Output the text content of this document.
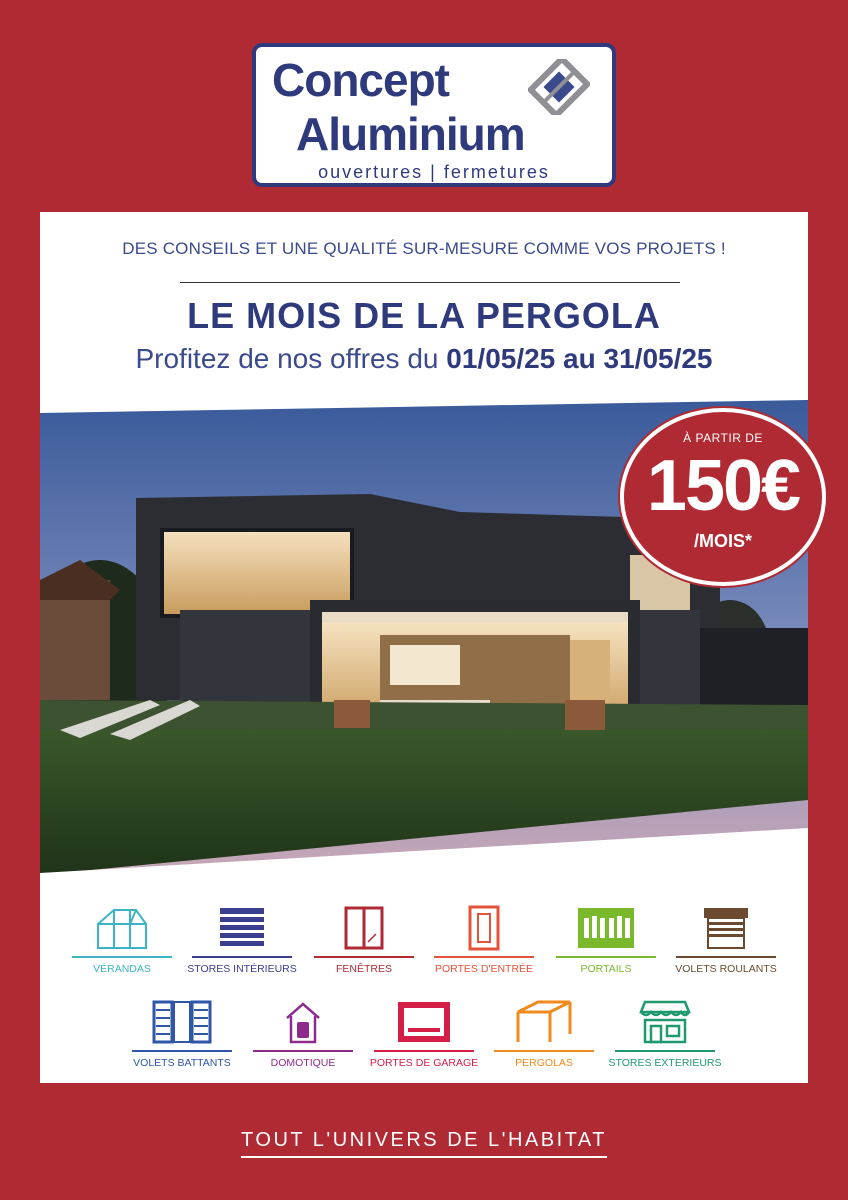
Concept
Aluminium
ouvertures | fermetures
DES CONSEILS ET UNE QUALITÉ SUR-MESURE COMME VOS PROJETS !
LE MOIS DE LA PERGOLA
Profitez de nos offres du 01/05/25 au 31/05/25
À PARTIR DE
150€
/MOIS*
VÉRANDAS	STORES INTÉRIEURS	FENÊTRES	PORTES D'ENTRÉE	PORTAILS	VOLETS ROULANTS
VOLETS BATTANTS	DOMOTIQUE	PORTES DE GARAGE	PERGOLAS	STORES EXTERIEURS
TOUT L'UNIVERS DE L'HABITAT
